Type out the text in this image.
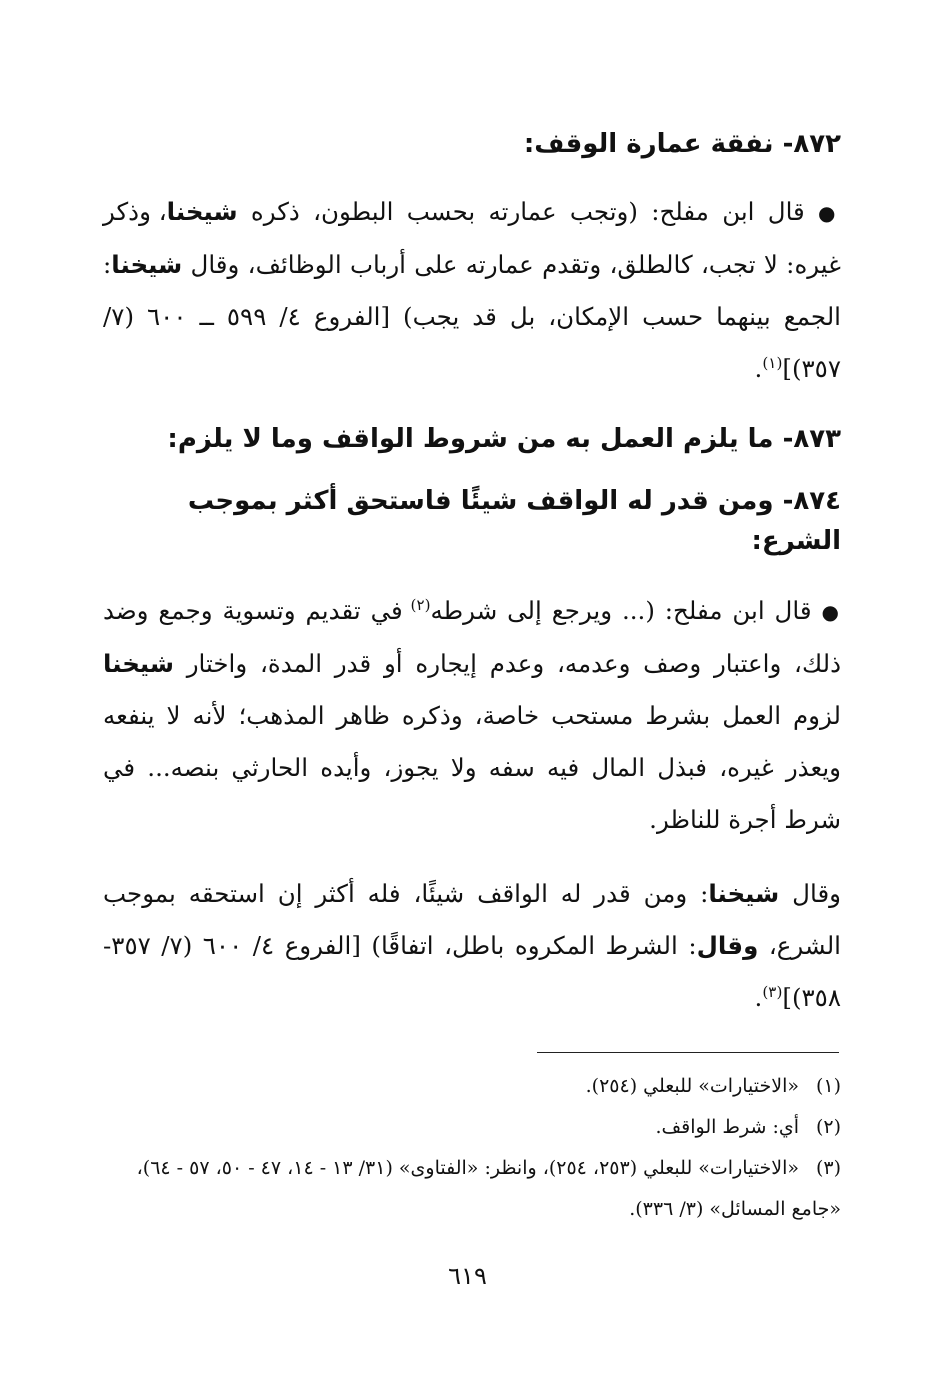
٨٧٢- نفقة عمارة الوقف:

● قال ابن مفلح: (وتجب عمارته بحسب البطون، ذكره شيخنا، وذكر غيره: لا تجب، كالطلق، وتقدم عمارته على أرباب الوظائف، وقال شيخنا: الجمع بينهما حسب الإمكان، بل قد يجب) [الفروع ٤/ ٥٩٩ ــ ٦٠٠ (٧/ ٣٥٧)]$^{(١)}$.

٨٧٣- ما يلزم العمل به من شروط الواقف وما لا يلزم:

٨٧٤- ومن قدر له الواقف شيئًا فاستحق أكثر بموجب الشرع:

● قال ابن مفلح: (... ويرجع إلى شرطه$^{(٢)}$ في تقديم وتسوية وجمع وضد ذلك، واعتبار وصف وعدمه، وعدم إيجاره أو قدر المدة، واختار شيخنا لزوم العمل بشرط مستحب خاصة، وذكره ظاهر المذهب؛ لأنه لا ينفعه ويعذر غيره، فبذل المال فيه سفه ولا يجوز، وأيده الحارثي بنصه... في شرط أجرة للناظر.

وقال شيخنا: ومن قدر له الواقف شيئًا، فله أكثر إن استحقه بموجب الشرع، وقال: الشرط المكروه باطل، اتفاقًا) [الفروع ٤/ ٦٠٠ (٧/ ٣٥٧- ٣٥٨)]$^{(٣)}$.

(١)«الاختيارات» للبعلي (٢٥٤).

(٢)أي: شرط الواقف.

(٣)«الاختيارات» للبعلي (٢٥٣، ٢٥٤)، وانظر: «الفتاوى» (٣١/ ١٣ - ١٤، ٤٧ - ٥٠، ٥٧ - ٦٤)، «جامع المسائل» (٣/ ٣٣٦).

٦١٩
